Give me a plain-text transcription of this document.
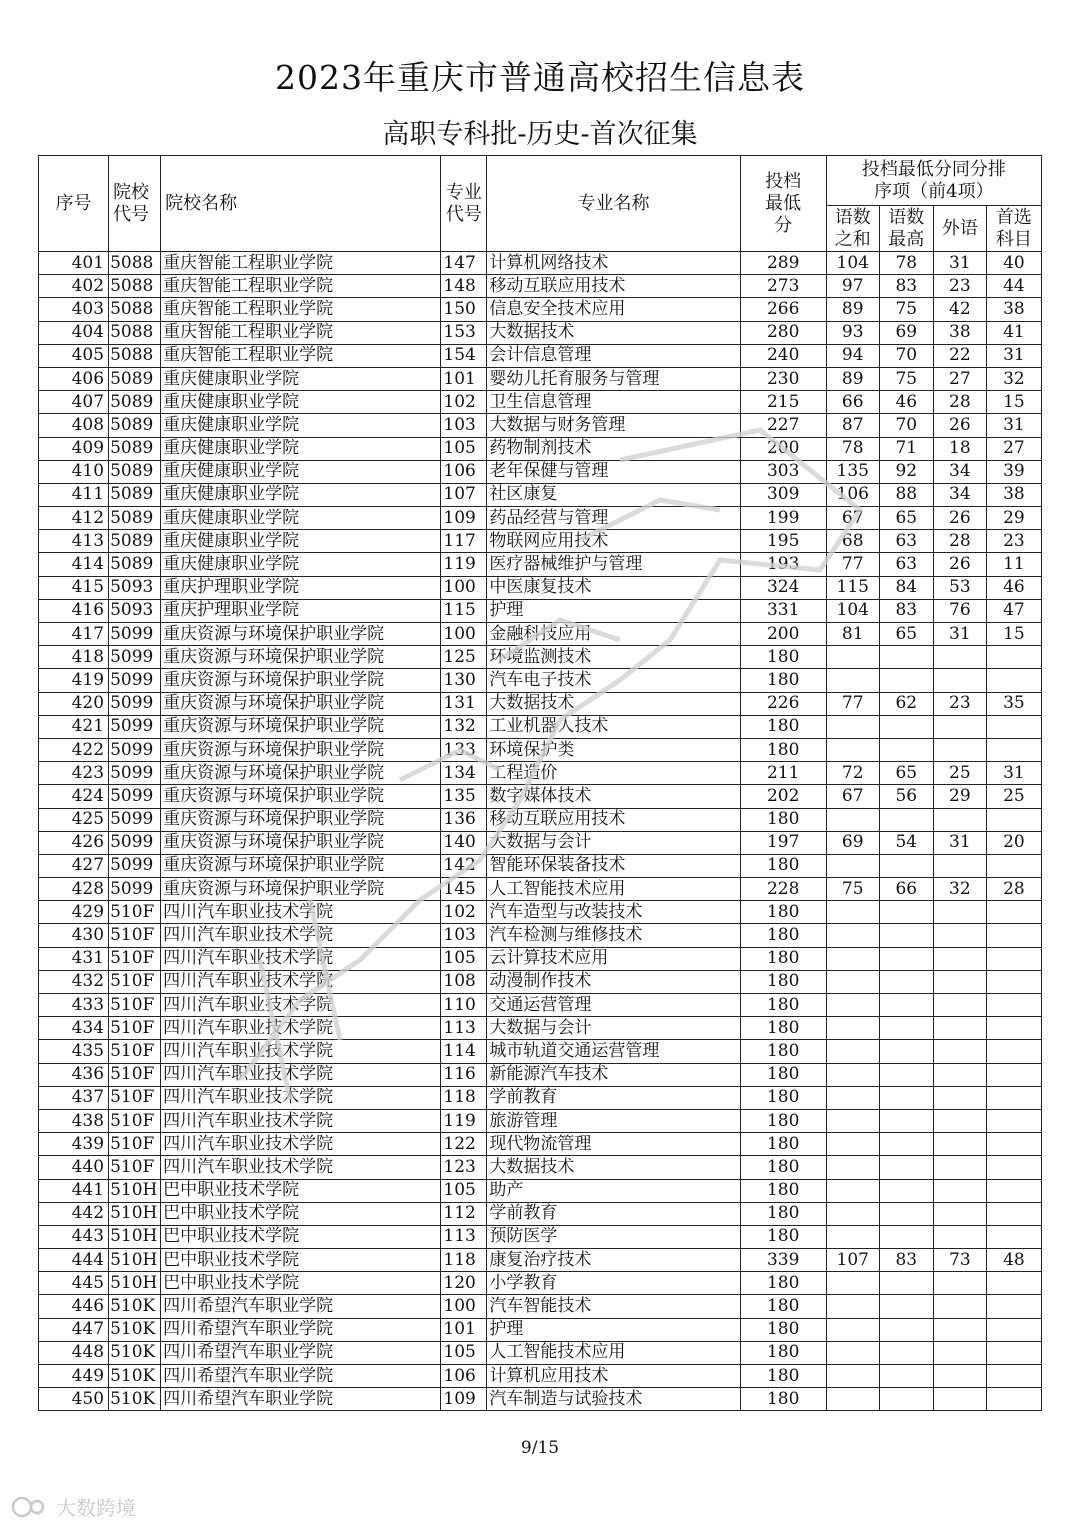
2023年重庆市普通高校招生信息表
高职专科批-历史-首次征集
序号	院校代号	院校名称	专业代号	专业名称	投档最低分	投档最低分同分排序项（前4项）			
						语数之和	语数最高	外语	首选科目
401	5088	重庆智能工程职业学院	147	计算机网络技术	289	104	78	31	40
402	5088	重庆智能工程职业学院	148	移动互联应用技术	273	97	83	23	44
403	5088	重庆智能工程职业学院	150	信息安全技术应用	266	89	75	42	38
404	5088	重庆智能工程职业学院	153	大数据技术	280	93	69	38	41
405	5088	重庆智能工程职业学院	154	会计信息管理	240	94	70	22	31
406	5089	重庆健康职业学院	101	婴幼儿托育服务与管理	230	89	75	27	32
407	5089	重庆健康职业学院	102	卫生信息管理	215	66	46	28	15
408	5089	重庆健康职业学院	103	大数据与财务管理	227	87	70	26	31
409	5089	重庆健康职业学院	105	药物制剂技术	200	78	71	18	27
410	5089	重庆健康职业学院	106	老年保健与管理	303	135	92	34	39
411	5089	重庆健康职业学院	107	社区康复	309	106	88	34	38
412	5089	重庆健康职业学院	109	药品经营与管理	199	67	65	26	29
413	5089	重庆健康职业学院	117	物联网应用技术	195	68	63	28	23
414	5089	重庆健康职业学院	119	医疗器械维护与管理	193	77	63	26	11
415	5093	重庆护理职业学院	100	中医康复技术	324	115	84	53	46
416	5093	重庆护理职业学院	115	护理	331	104	83	76	47
417	5099	重庆资源与环境保护职业学院	100	金融科技应用	200	81	65	31	15
418	5099	重庆资源与环境保护职业学院	125	环境监测技术	180				
419	5099	重庆资源与环境保护职业学院	130	汽车电子技术	180				
420	5099	重庆资源与环境保护职业学院	131	大数据技术	226	77	62	23	35
421	5099	重庆资源与环境保护职业学院	132	工业机器人技术	180				
422	5099	重庆资源与环境保护职业学院	133	环境保护类	180				
423	5099	重庆资源与环境保护职业学院	134	工程造价	211	72	65	25	31
424	5099	重庆资源与环境保护职业学院	135	数字媒体技术	202	67	56	29	25
425	5099	重庆资源与环境保护职业学院	136	移动互联应用技术	180				
426	5099	重庆资源与环境保护职业学院	140	大数据与会计	197	69	54	31	20
427	5099	重庆资源与环境保护职业学院	142	智能环保装备技术	180				
428	5099	重庆资源与环境保护职业学院	145	人工智能技术应用	228	75	66	32	28
429	510F	四川汽车职业技术学院	102	汽车造型与改装技术	180				
430	510F	四川汽车职业技术学院	103	汽车检测与维修技术	180				
431	510F	四川汽车职业技术学院	105	云计算技术应用	180				
432	510F	四川汽车职业技术学院	108	动漫制作技术	180				
433	510F	四川汽车职业技术学院	110	交通运营管理	180				
434	510F	四川汽车职业技术学院	113	大数据与会计	180				
435	510F	四川汽车职业技术学院	114	城市轨道交通运营管理	180				
436	510F	四川汽车职业技术学院	116	新能源汽车技术	180				
437	510F	四川汽车职业技术学院	118	学前教育	180				
438	510F	四川汽车职业技术学院	119	旅游管理	180				
439	510F	四川汽车职业技术学院	122	现代物流管理	180				
440	510F	四川汽车职业技术学院	123	大数据技术	180				
441	510H	巴中职业技术学院	105	助产	180				
442	510H	巴中职业技术学院	112	学前教育	180				
443	510H	巴中职业技术学院	113	预防医学	180				
444	510H	巴中职业技术学院	118	康复治疗技术	339	107	83	73	48
445	510H	巴中职业技术学院	120	小学教育	180				
446	510K	四川希望汽车职业学院	100	汽车智能技术	180				
447	510K	四川希望汽车职业学院	101	护理	180				
448	510K	四川希望汽车职业学院	105	人工智能技术应用	180				
449	510K	四川希望汽车职业学院	106	计算机应用技术	180				
450	510K	四川希望汽车职业学院	109	汽车制造与试验技术	180				
9/15
大数跨境
